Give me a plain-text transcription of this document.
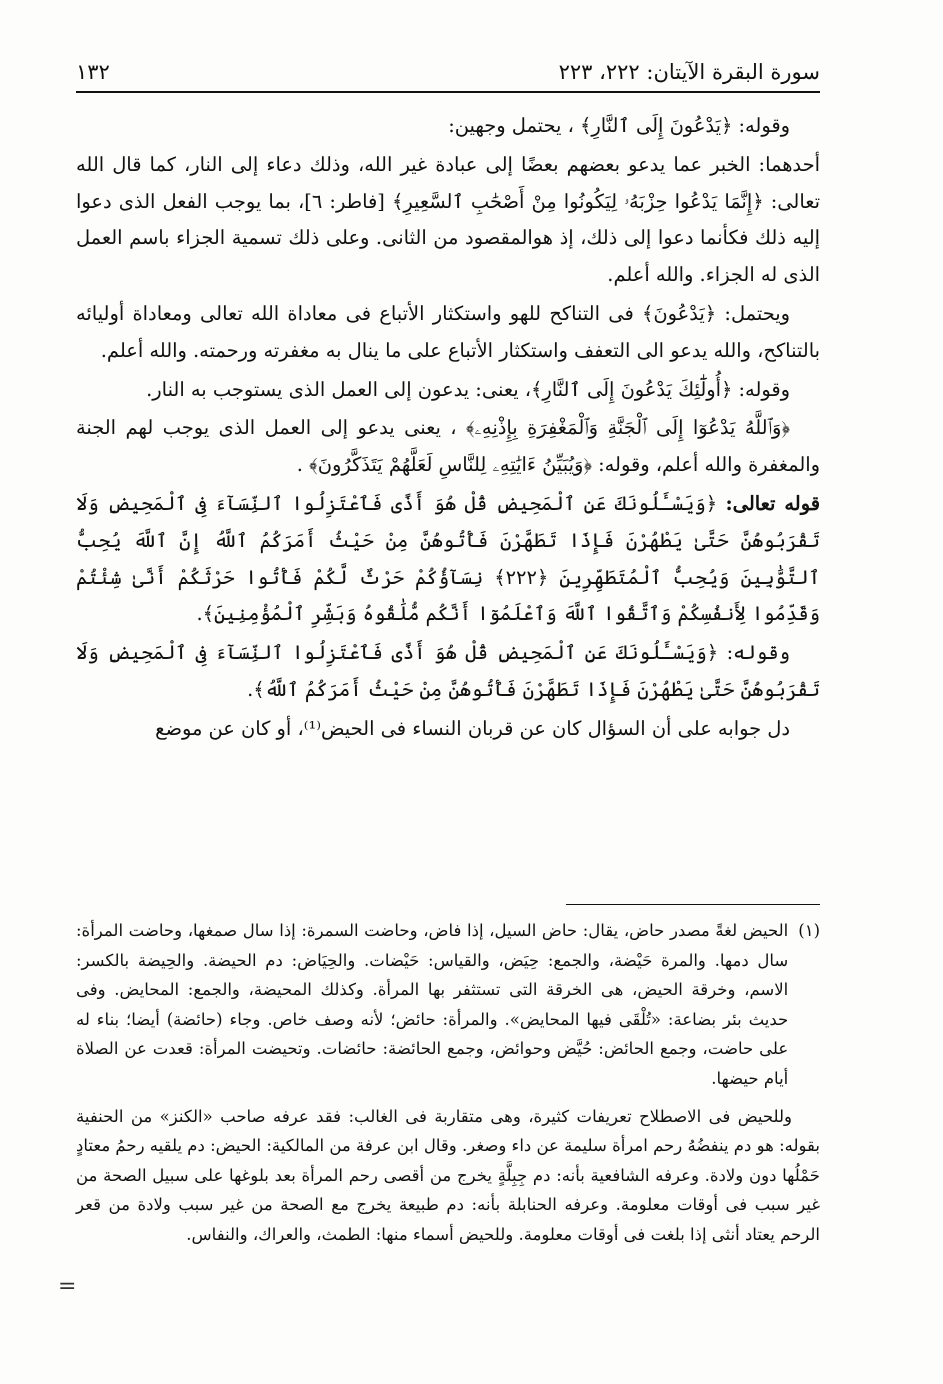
سورة البقرة الآيتان: ٢٢٢، ٢٢٣
١٣٢

وقوله: ﴿يَدْعُونَ إِلَى ٱلنَّارِ﴾ ، يحتمل وجهين:

أحدهما: الخبر عما يدعو بعضهم بعضًا إلى عبادة غير الله، وذلك دعاء إلى النار، كما قال الله تعالى: ﴿إِنَّمَا يَدْعُوا حِزْبَهُۥ لِيَكُونُوا مِنْ أَصْحَٰبِ ٱلسَّعِيرِ﴾ [فاطر: ٦]، بما يوجب الفعل الذى دعوا إليه ذلك فكأنما دعوا إلى ذلك، إذ هوالمقصود من الثانى. وعلى ذلك تسمية الجزاء باسم العمل الذى له الجزاء. والله أعلم.

ويحتمل: ﴿يَدْعُونَ﴾ فى التناكح للهو واستكثار الأتباع فى معاداة الله تعالى ومعاداة أوليائه بالتناكح، والله يدعو الى التعفف واستكثار الأتباع على ما ينال به مغفرته ورحمته. والله أعلم.

وقوله: ﴿أُولَٰٓئِكَ يَدْعُونَ إِلَى ٱلنَّارِ﴾، يعنى: يدعون إلى العمل الذى يستوجب به النار.

﴿وَٱللَّهُ يَدْعُوٓا إِلَى ٱلْجَنَّةِ وَٱلْمَغْفِرَةِ بِإِذْنِهِۦ﴾ ، يعنى يدعو إلى العمل الذى يوجب لهم الجنة والمغفرة والله أعلم، وقوله: ﴿وَيُبَيِّنُ ءَايَٰتِهِۦ لِلنَّاسِ لَعَلَّهُمْ يَتَذَكَّرُونَ﴾ .

قوله تعالى: ﴿وَيَسْـَٔلُونَكَ عَنِ ٱلْمَحِيضِ قُلْ هُوَ أَذًى فَٱعْتَزِلُوا ٱلنِّسَآءَ فِى ٱلْمَحِيضِ وَلَا تَقْرَبُوهُنَّ حَتَّىٰ يَطْهُرْنَ فَإِذَا تَطَهَّرْنَ فَأْتُوهُنَّ مِنْ حَيْثُ أَمَرَكُمُ ٱللَّهُ إِنَّ ٱللَّهَ يُحِبُّ ٱلتَّوَّٰبِينَ وَيُحِبُّ ٱلْمُتَطَهِّرِينَ ﴿٢٢٢﴾ نِسَآؤُكُمْ حَرْثٌ لَّكُمْ فَأْتُوا حَرْثَكُمْ أَنَّىٰ شِئْتُمْ وَقَدِّمُوا لِأَنفُسِكُمْ وَٱتَّقُوا ٱللَّهَ وَٱعْلَمُوٓا أَنَّكُم مُّلَٰقُوهُ وَبَشِّرِ ٱلْمُؤْمِنِينَ﴾.

وقوله: ﴿وَيَسْـَٔلُونَكَ عَنِ ٱلْمَحِيضِ قُلْ هُوَ أَذًى فَٱعْتَزِلُوا ٱلنِّسَآءَ فِى ٱلْمَحِيضِ وَلَا تَقْرَبُوهُنَّ حَتَّىٰ يَطْهُرْنَ فَإِذَا تَطَهَّرْنَ فَأْتُوهُنَّ مِنْ حَيْثُ أَمَرَكُمُ ٱللَّهُ﴾.

دل جوابه على أن السؤال كان عن قربان النساء فى الحيض⁽¹⁾، أو كان عن موضع

(١)

الحيض لغةً مصدر حاض، يقال: حاض السيل، إذا فاض، وحاضت السمرة: إذا سال صمغها، وحاضت المرأة: سال دمها. والمرة حَيْضة، والجمع: حِيَض، والقياس: حَيْضات. والحِيَاض: دم الحيضة. والحِيضة بالكسر: الاسم، وخرقة الحيض، هى الخرقة التى تستثفر بها المرأة. وكذلك المحيضة، والجمع: المحايض. وفى حديث بئر بضاعة: «تُلْقَى فيها المحايض». والمرأة: حائض؛ لأنه وصف خاص. وجاء (حائضة) أيضا؛ بناء له على حاضت، وجمع الحائض: حُيَّض وحوائض، وجمع الحائضة: حائضات. وتحيضت المرأة: قعدت عن الصلاة أيام حيضها.

وللحيض فى الاصطلاح تعريفات كثيرة، وهى متقاربة فى الغالب: فقد عرفه صاحب «الكنز» من الحنفية بقوله: هو دم ينفضُهُ رحم امرأة سليمة عن داء وصغر. وقال ابن عرفة من المالكية: الحيض: دم يلقيه رحمُ معتادٍ حَمْلُها دون ولادة. وعرفه الشافعية بأنه: دم جِبِلَّةٍ يخرج من أقصى رحم المرأة بعد بلوغها على سبيل الصحة من غير سبب فى أوقات معلومة. وعرفه الحنابلة بأنه: دم طبيعة يخرج مع الصحة من غير سبب ولادة من قعر الرحم يعتاد أنثى إذا بلغت فى أوقات معلومة. وللحيض أسماء منها: الطمث، والعراك، والنفاس.

=
